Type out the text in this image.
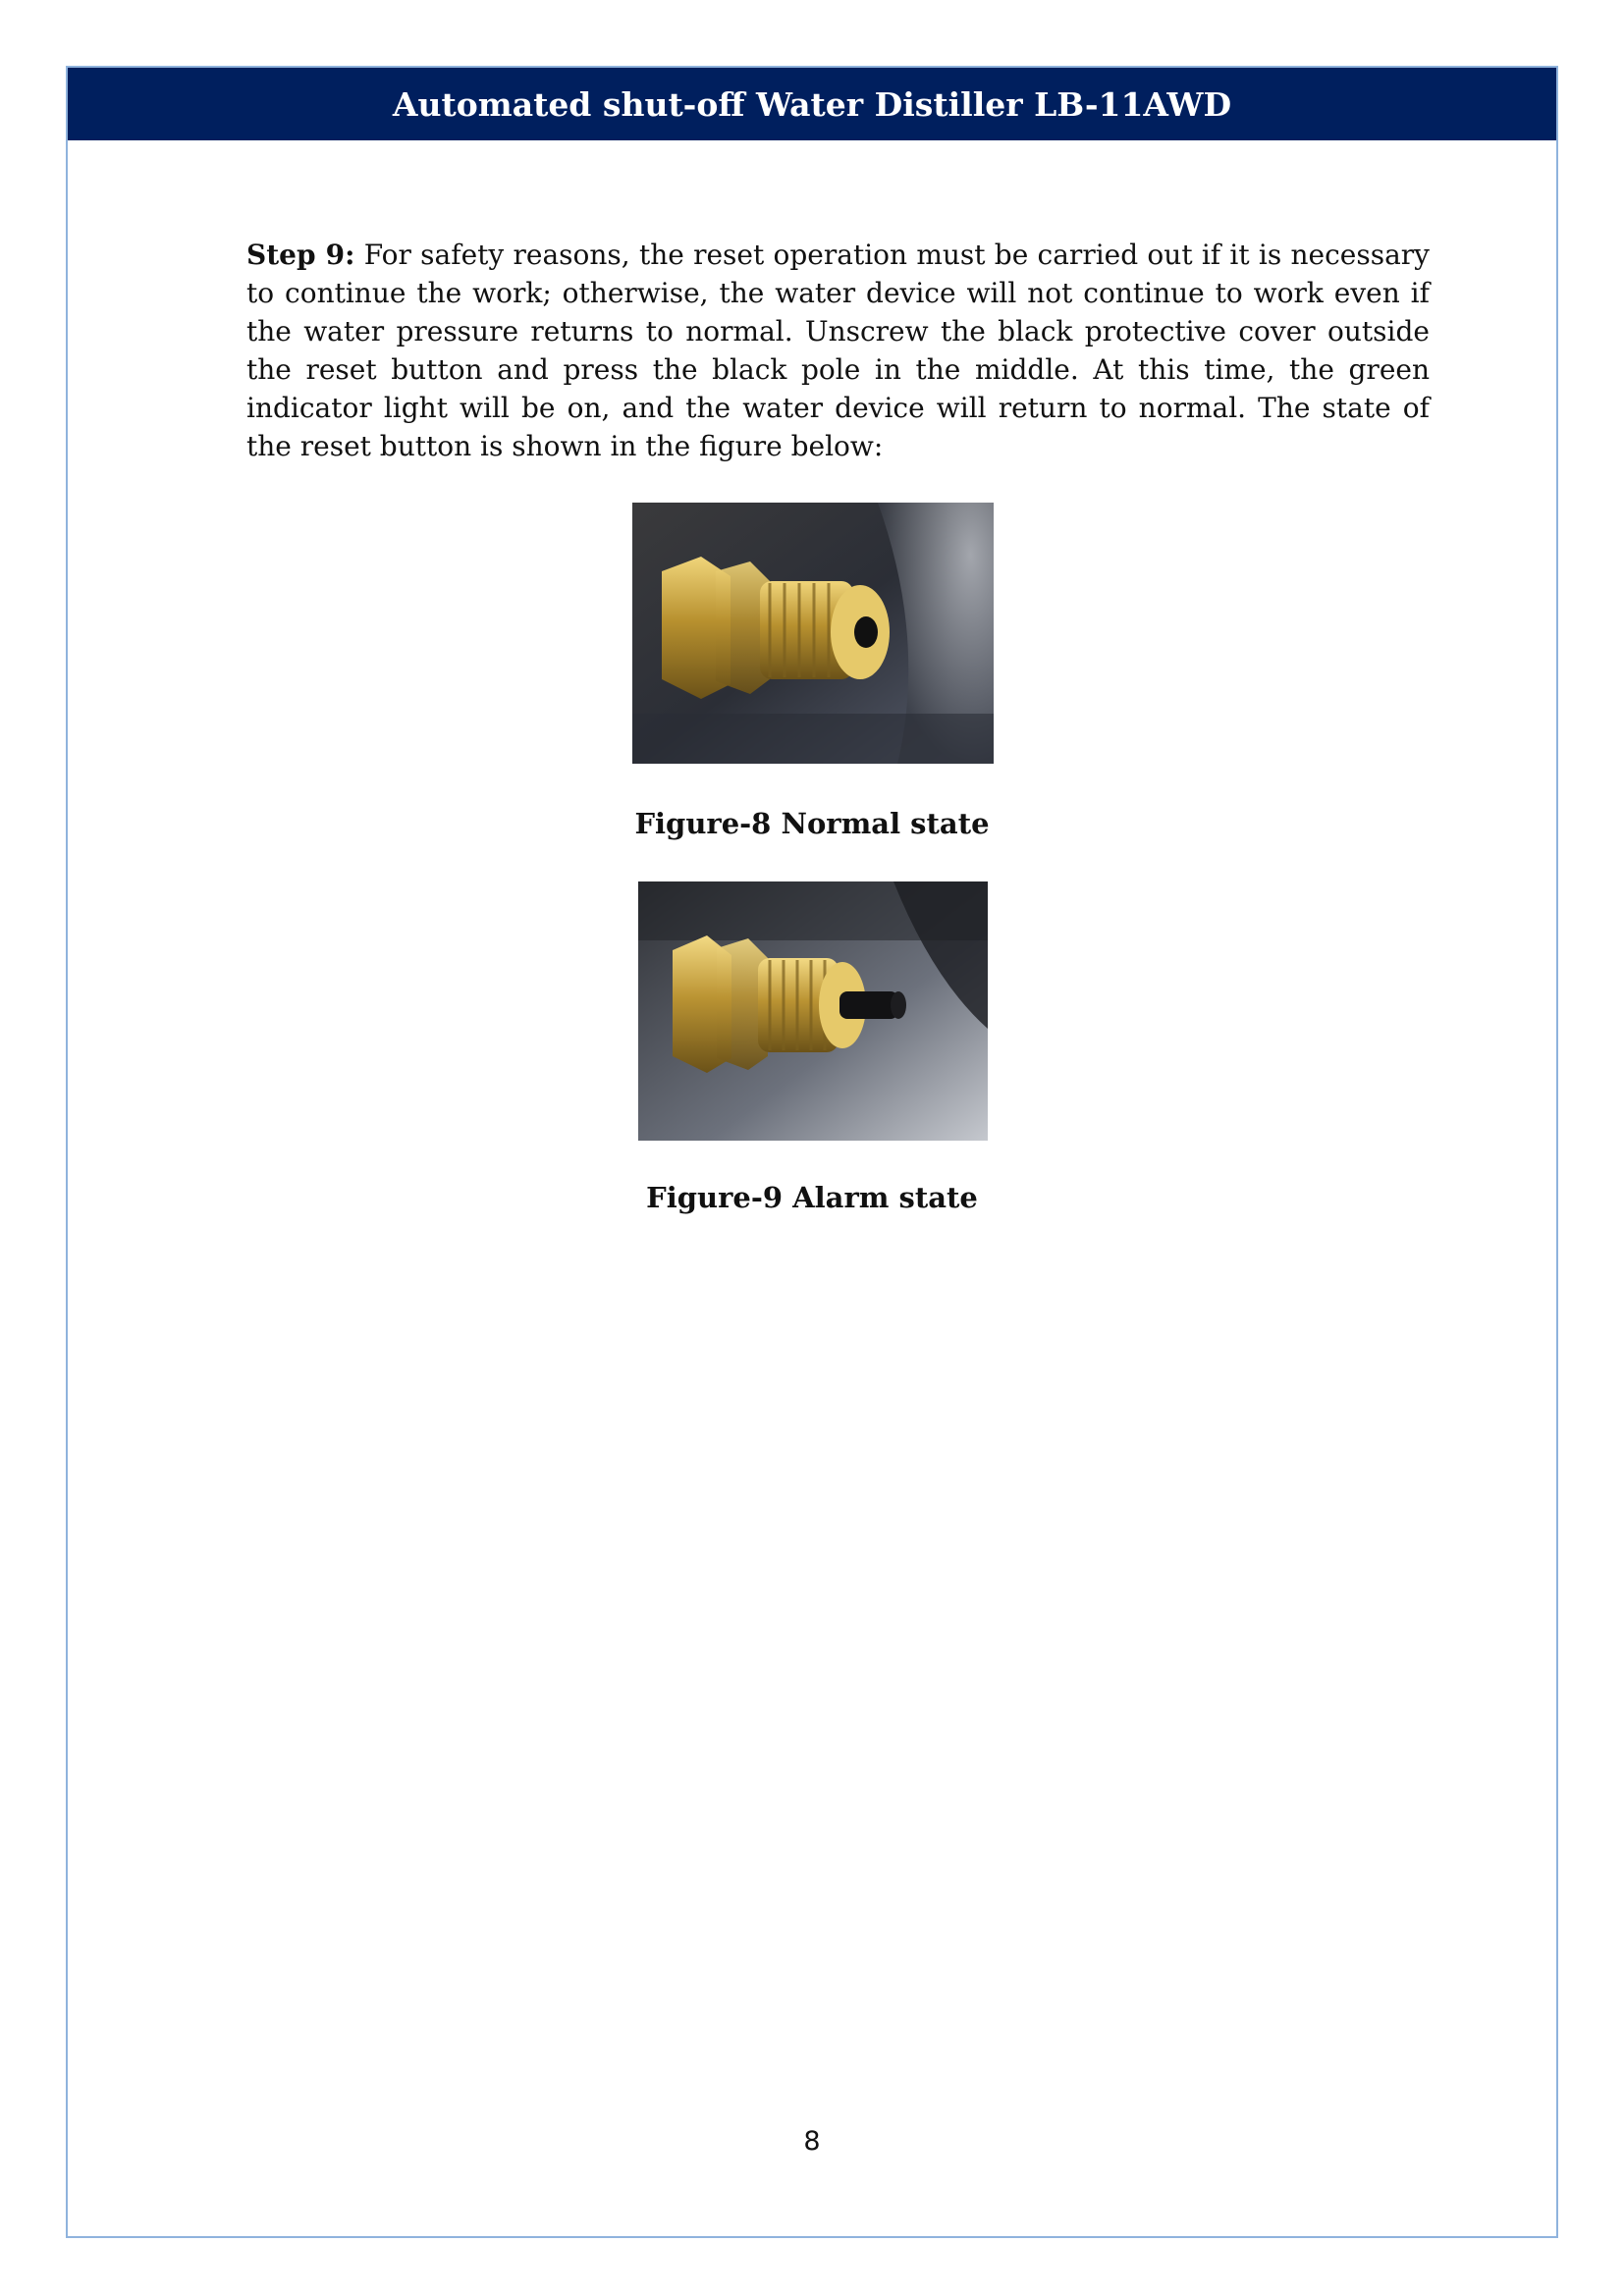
Automated shut-off Water Distiller LB-11AWD
Step 9: For safety reasons, the reset operation must be carried out if it is necessary to continue the work; otherwise, the water device will not continue to work even if the water pressure returns to normal. Unscrew the black protective cover outside the reset button and press the black pole in the middle. At this time, the green indicator light will be on, and the water device will return to normal. The state of the reset button is shown in the figure below:
Figure-8 Normal state
Figure-9 Alarm state
8
